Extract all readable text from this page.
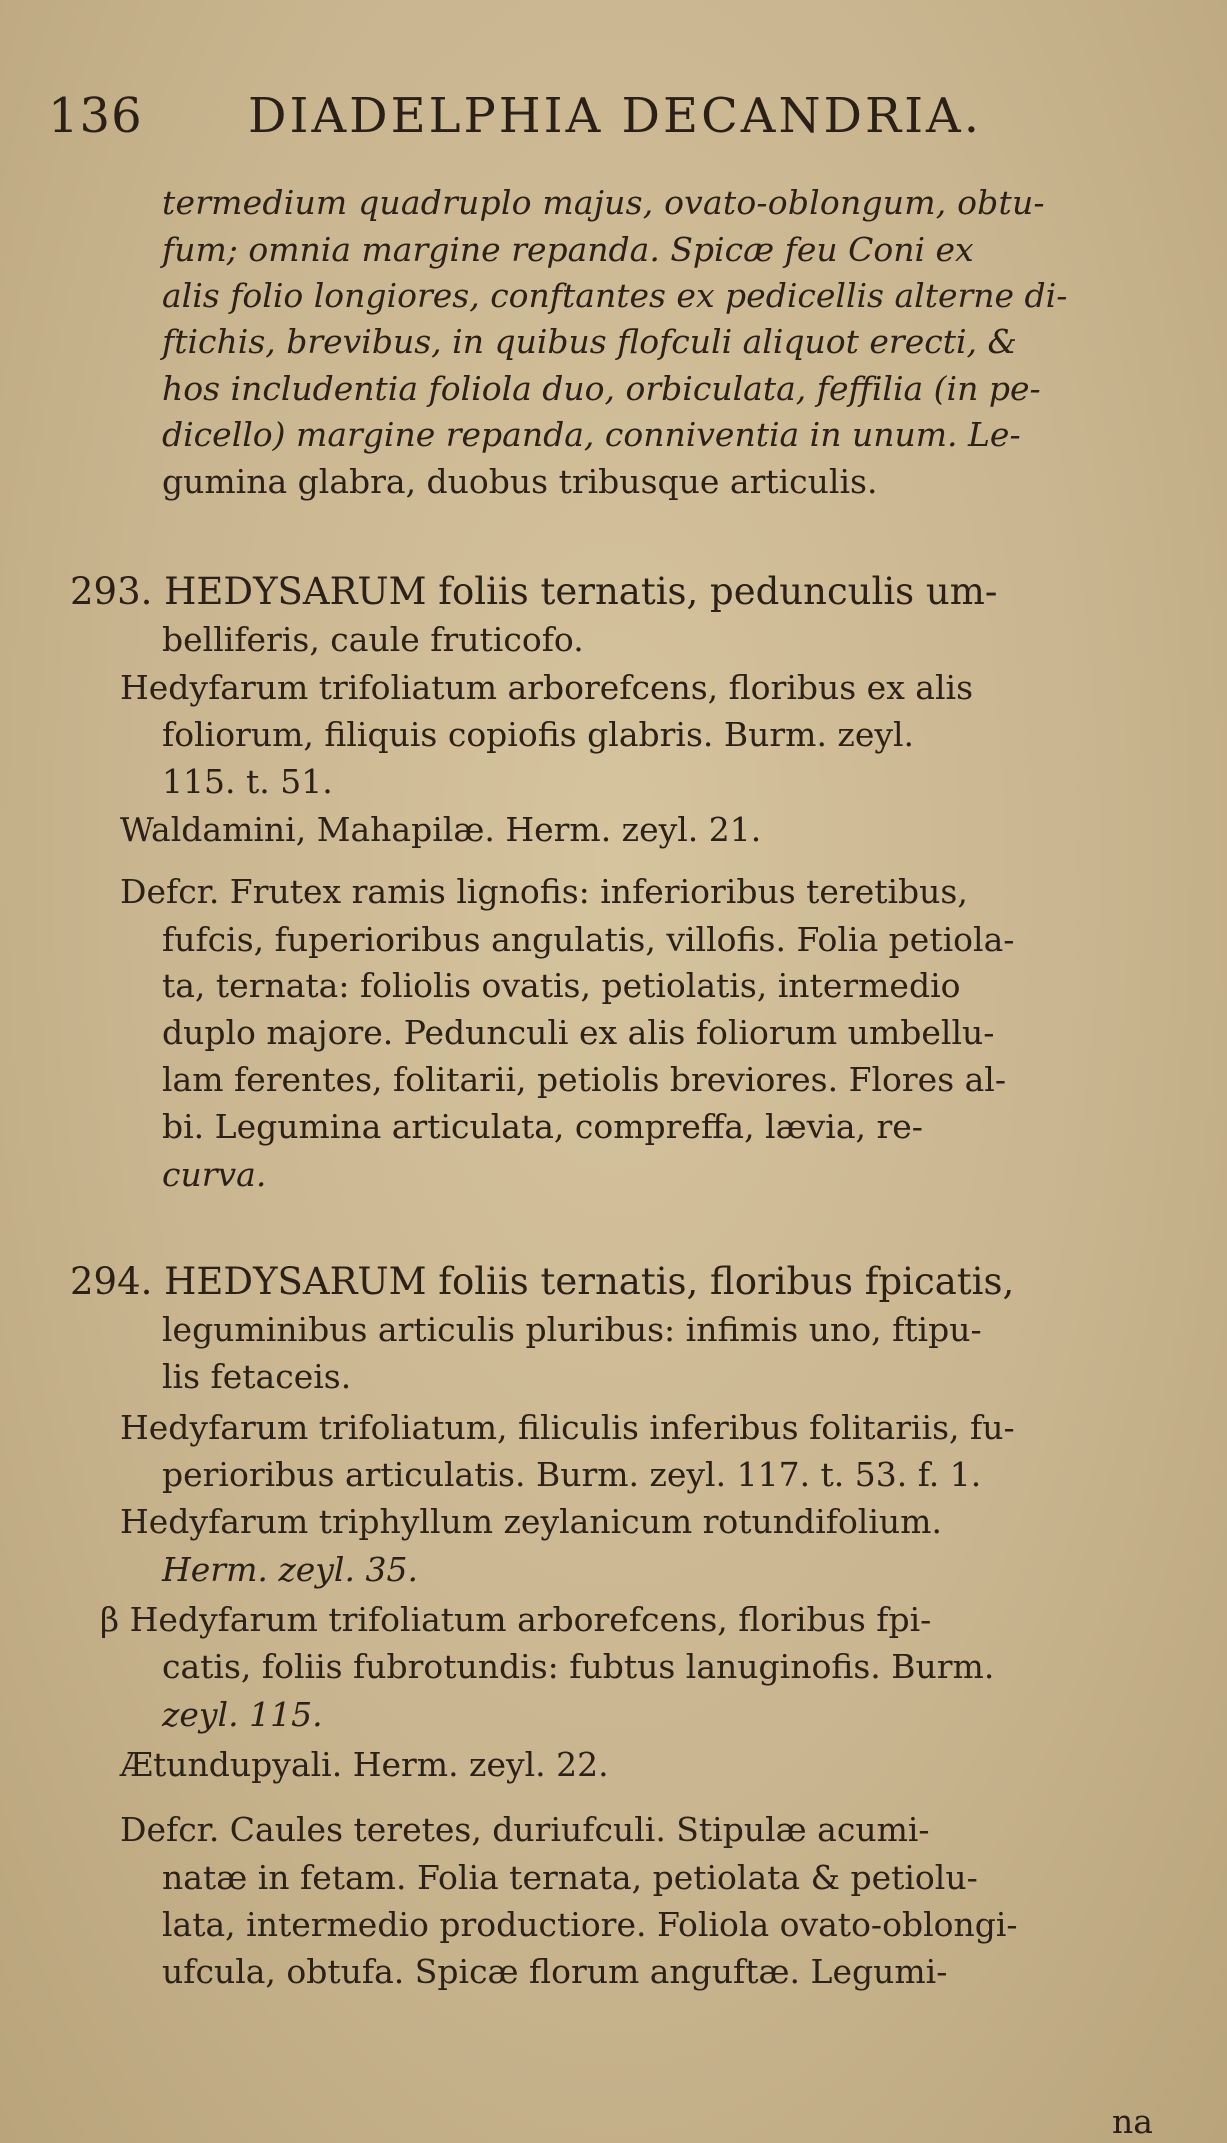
136 DIADELPHIA DECANDRIA.
termedium quadruplo majus, ovato-oblongum, obtu-
fum; omnia margine repanda. Spicæ feu Coni ex
alis folio longiores, conftantes ex pedicellis alterne di-
ftichis, brevibus, in quibus flofculi aliquot erecti, &
hos includentia foliola duo, orbiculata, feffilia (in pe-
dicello) margine repanda, conniventia in unum. Le-
gumina glabra, duobus tribusque articulis.
293. HEDYSARUM foliis ternatis, pedunculis um-
belliferis, caule fruticofo.
Hedyfarum trifoliatum arborefcens, floribus ex alis
foliorum, filiquis copiofis glabris. Burm. zeyl.
115. t. 51.
Waldamini, Mahapilæ. Herm. zeyl. 21.
Defcr. Frutex ramis lignofis: inferioribus teretibus,
fufcis, fuperioribus angulatis, villofis. Folia petiola-
ta, ternata: foliolis ovatis, petiolatis, intermedio
duplo majore. Pedunculi ex alis foliorum umbellu-
lam ferentes, folitarii, petiolis breviores. Flores al-
bi. Legumina articulata, compreffa, lævia, re-
curva.
294. HEDYSARUM foliis ternatis, floribus fpicatis,
leguminibus articulis pluribus: infimis uno, ftipu-
lis fetaceis.
Hedyfarum trifoliatum, filiculis inferibus folitariis, fu-
perioribus articulatis. Burm. zeyl. 117. t. 53. f. 1.
Hedyfarum triphyllum zeylanicum rotundifolium.
Herm. zeyl. 35.
β Hedyfarum trifoliatum arborefcens, floribus fpi-
catis, foliis fubrotundis: fubtus lanuginofis. Burm.
zeyl. 115.
Ætundupyali. Herm. zeyl. 22.
Defcr. Caules teretes, duriufculi. Stipulæ acumi-
natæ in fetam. Folia ternata, petiolata & petiolu-
lata, intermedio productiore. Foliola ovato-oblongi-
ufcula, obtufa. Spicæ florum anguftæ. Legumi-
na
